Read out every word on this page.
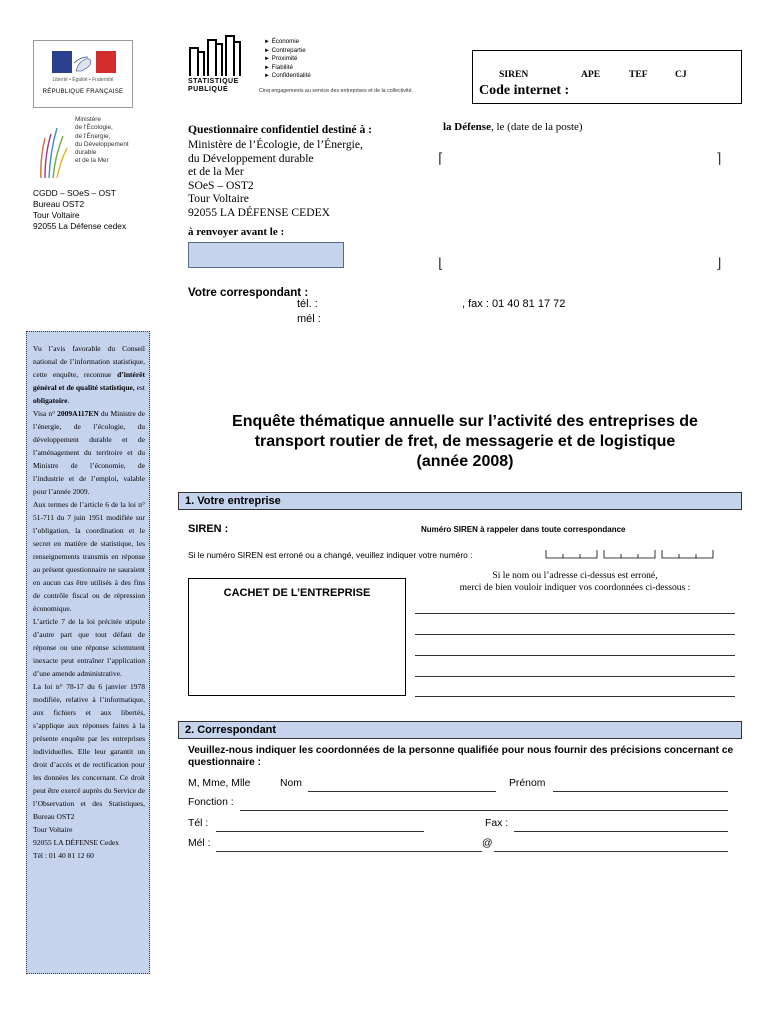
Liberté • Égalité • Fraternité
RÉPUBLIQUE FRANÇAISE
Ministère
de l'Écologie,
de l'Énergie,
du Développement
durable
et de la Mer
CGDD – SOeS – OST
Bureau OST2
Tour Voltaire
92055 La Défense cedex
STATISTIQUE
PUBLIQUE
► Économie
► Contrepartie
► Proximité
► Fiabilité
► Confidentialité
Cinq engagements au service des entreprises et de la collectivité.
SIREN	APE	TEF	CJ
Code internet :
Questionnaire confidentiel destiné à :
Ministère de l’Écologie, de l’Énergie,
du Développement durable
et de la Mer
SOeS – OST2
Tour Voltaire
92055 LA DÉFENSE CEDEX
à renvoyer avant le :
la Défense, le (date de la poste)
⌈	⌉
⌊	⌋
Votre correspondant :
tél. :
mél :
, fax : 01 40 81 17 72

Vu l’avis favorable du Conseil national de l’information statistique, cette enquête, reconnue d’intérêt général et de qualité statistique, est obligatoire.

Visa n° 2009A117EN du Ministre de l’énergie, de l’écologie, du développement durable et de l’aménagement du territoire et du Ministre de l’économie, de l’industrie et de l’emploi, valable pour l’année 2009.

Aux termes de l’article 6 de la loi n° 51-711 du 7 juin 1951 modifiée sur l’obligation, la coordination et le secret en matière de statistique, les renseignements transmis en réponse au présent questionnaire ne sauraient en aucun cas être utilisés à des fins de contrôle fiscal ou de répression économique.

L’article 7 de la loi précitée stipule d’autre part que tout défaut de réponse ou une réponse sciemment inexacte peut entraîner l’application d’une amende administrative.

La loi n° 78-17 du 6 janvier 1978 modifiée, relative à l’informatique, aux fichiers et aux libertés, s’applique aux réponses faites à la présente enquête par les entreprises individuelles. Elle leur garantit un droit d’accès et de rectification pour les données les concernant. Ce droit peut être exercé auprès du Service de l’Observation et des Statistiques, Bureau OST2

Tour Voltaire

92055 LA DÉFENSE Cedex

Tél : 01 40 81 12 60

Enquête thématique annuelle sur l’activité des entreprises de
transport routier de fret, de messagerie et de logistique
(année 2008)
1. Votre entreprise
SIREN :	Numéro SIREN à rappeler dans toute correspondance
Si le numéro SIREN est erroné ou a changé, veuillez indiquer votre numéro :
CACHET DE L’ENTREPRISE
Si le nom ou l’adresse ci-dessus est erroné,
merci de bien vouloir indiquer vos coordonnées ci-dessous :
2. Correspondant
Veuillez-nous indiquer les coordonnées de la personne qualifiée pour nous fournir des précisions concernant ce questionnaire :
M, Mme, Mlle	Nom	Prénom
Fonction :
Tél :	Fax :
Mél :	@
